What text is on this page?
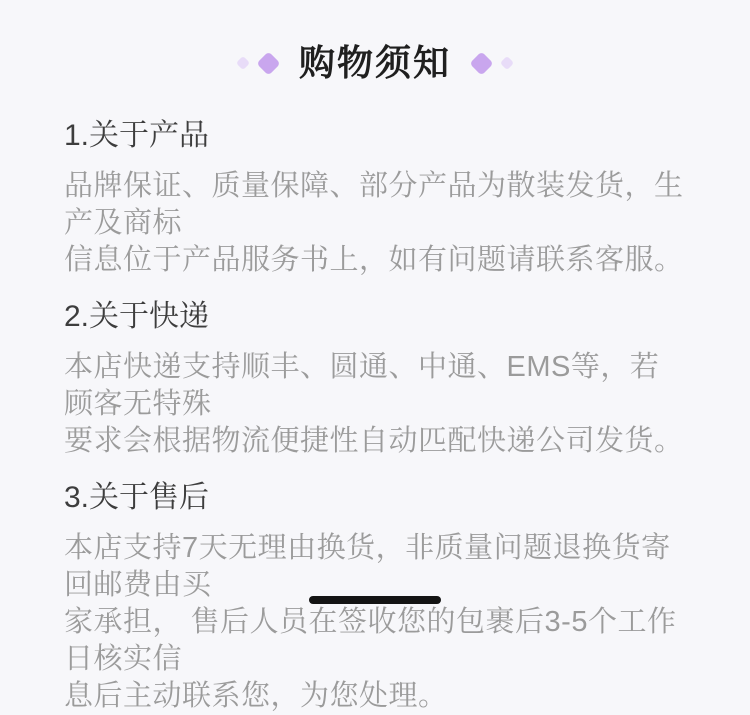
购物须知
1.关于产品

品牌保证、质量保障、部分产品为散装发货，生产及商标

信息位于产品服务书上，如有问题请联系客服。

2.关于快递

本店快递支持顺丰、圆通、中通、EMS等，若顾客无特殊

要求会根据物流便捷性自动匹配快递公司发货。

3.关于售后

本店支持7天无理由换货，非质量问题退换货寄回邮费由买

家承担， 售后人员在签收您的包裹后3-5个工作日核实信

息后主动联系您，为您处理。
